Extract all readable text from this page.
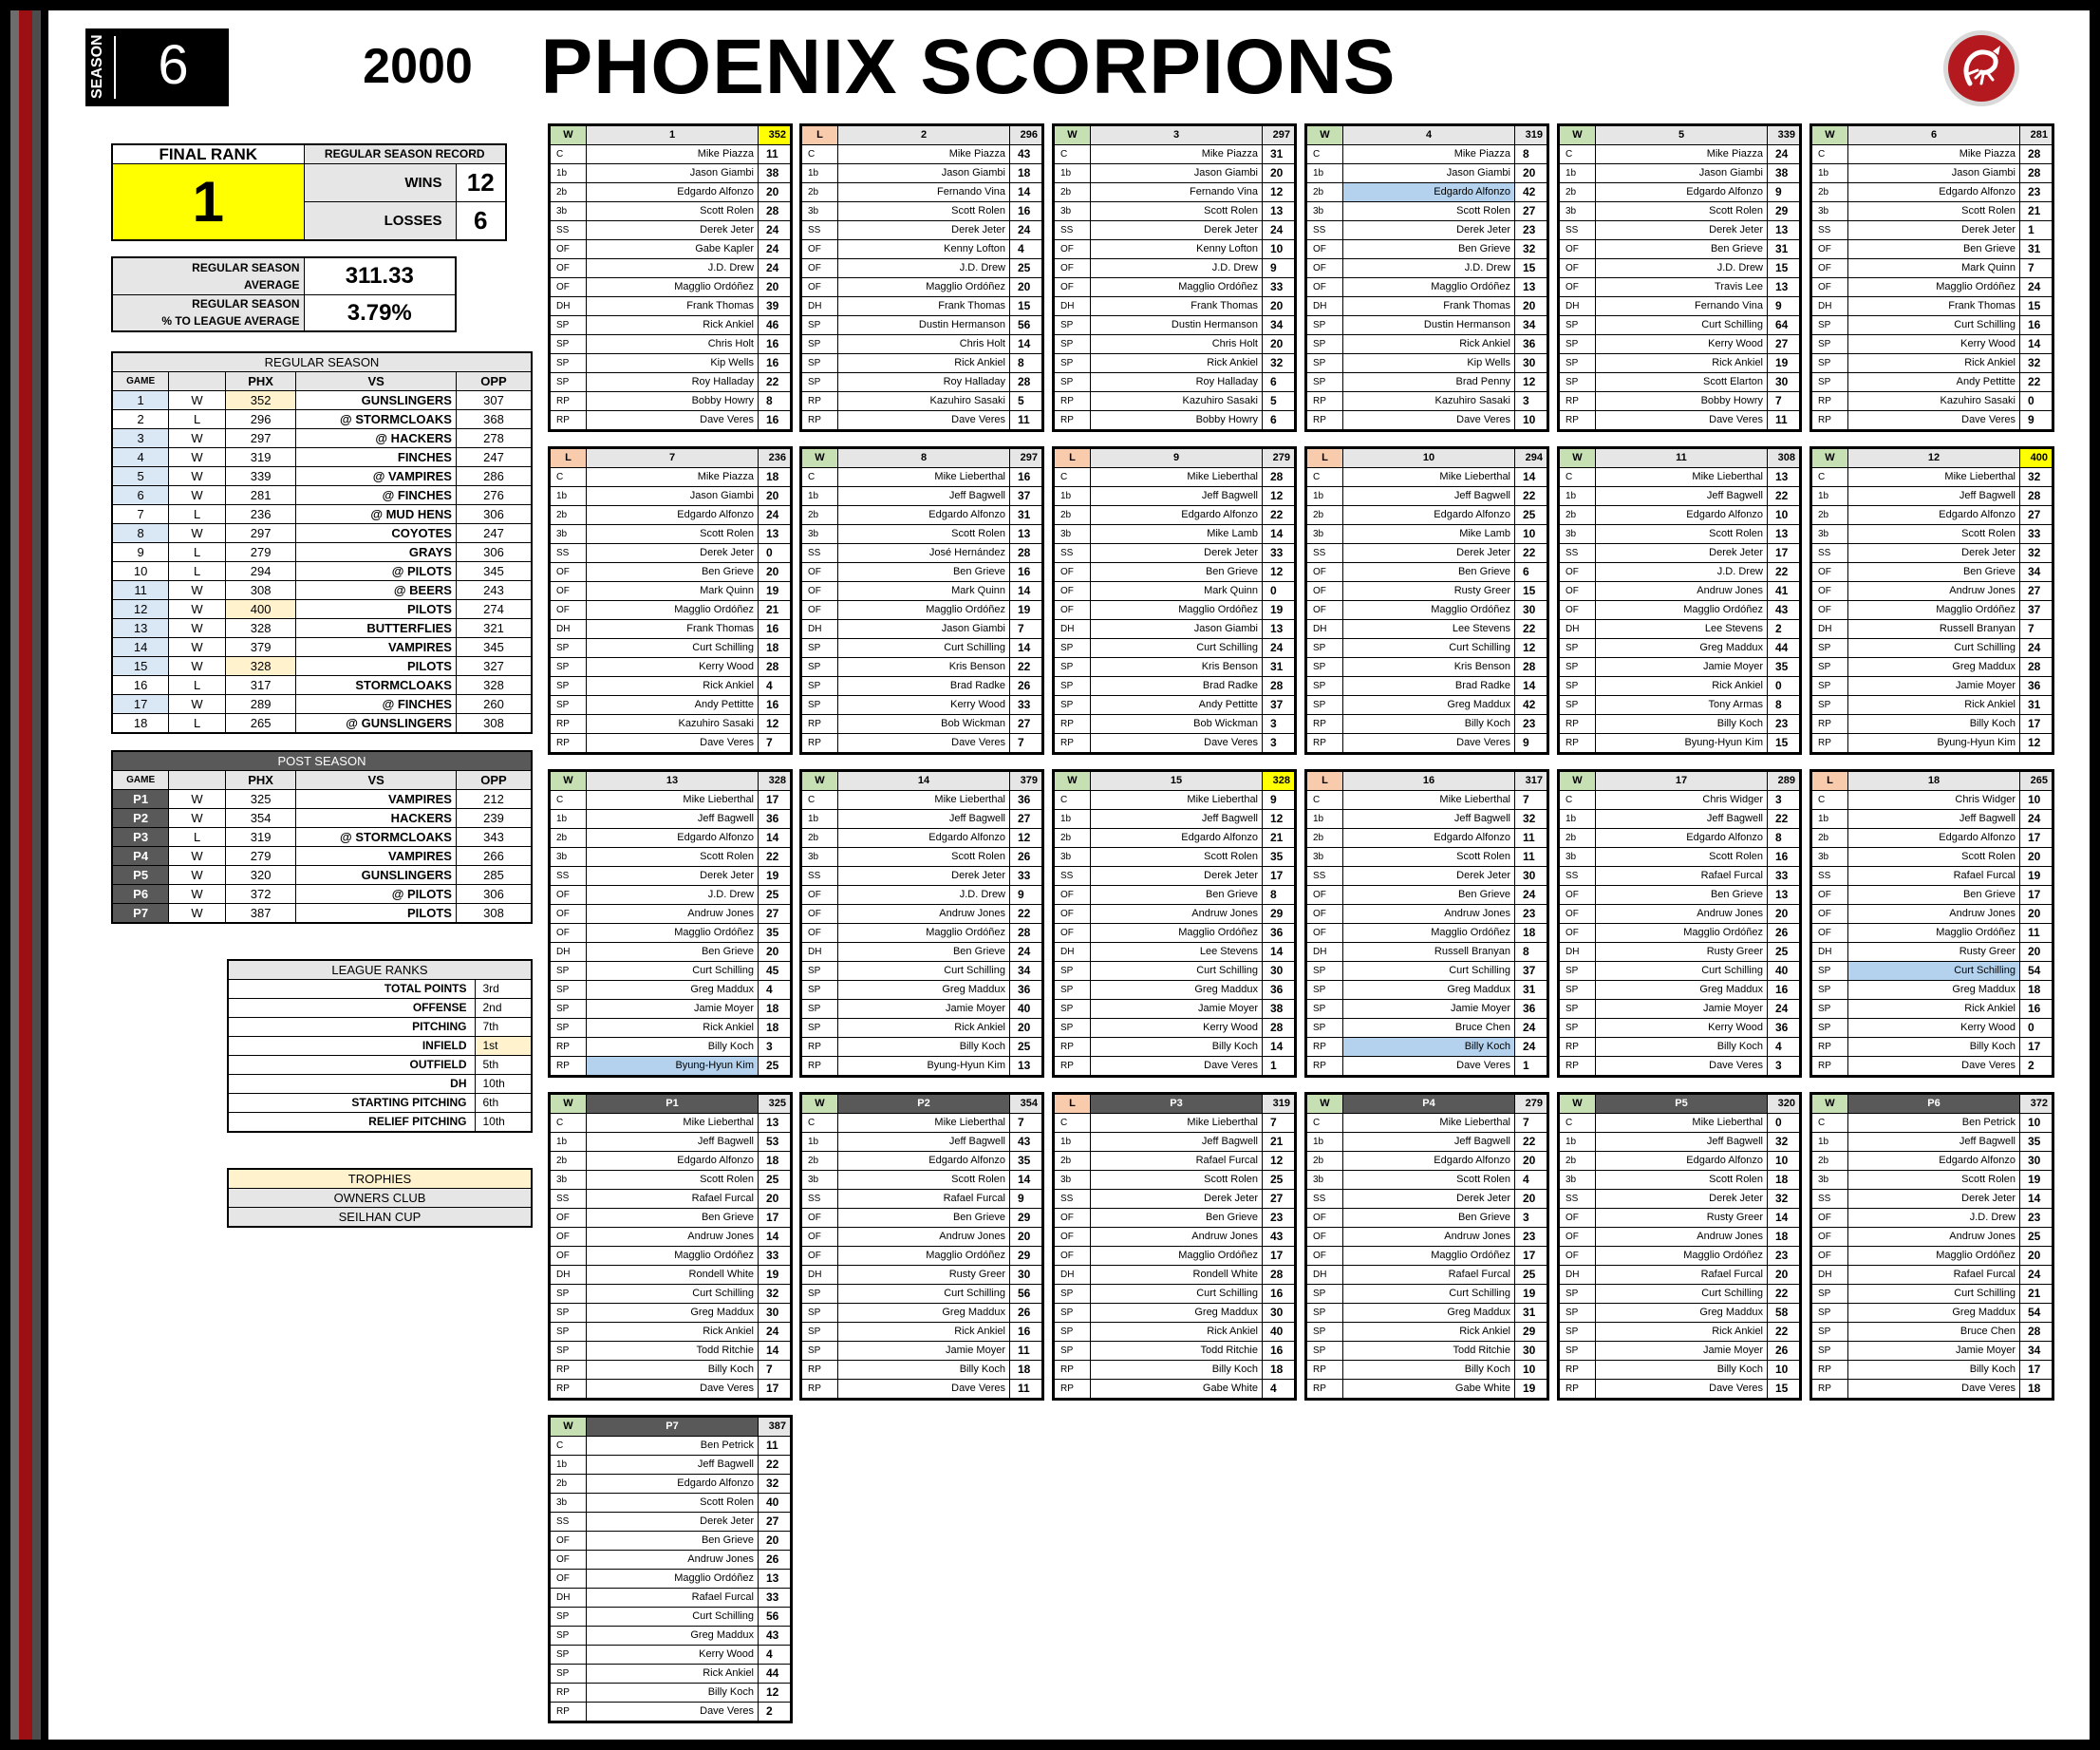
SEASON 6	2000 PHOENIX SCORPIONS
FINAL RANK	REGULAR SEASON RECORD	
1	WINS	12
	LOSSES	6
REGULAR SEASON
AVERAGE	311.33
REGULAR SEASON
% TO LEAGUE AVERAGE	3.79%
REGULAR SEASON				
GAME		PHX	VS	OPP
1	W	352	GUNSLINGERS	307
2	L	296	@ STORMCLOAKS	368
3	W	297	@ HACKERS	278
4	W	319	FINCHES	247
5	W	339	@ VAMPIRES	286
6	W	281	@ FINCHES	276
7	L	236	@ MUD HENS	306
8	W	297	COYOTES	247
9	L	279	GRAYS	306
10	L	294	@ PILOTS	345
11	W	308	@ BEERS	243
12	W	400	PILOTS	274
13	W	328	BUTTERFLIES	321
14	W	379	VAMPIRES	345
15	W	328	PILOTS	327
16	L	317	STORMCLOAKS	328
17	W	289	@ FINCHES	260
18	L	265	@ GUNSLINGERS	308
POST SEASON				
GAME		PHX	VS	OPP
P1	W	325	VAMPIRES	212
P2	W	354	HACKERS	239
P3	L	319	@ STORMCLOAKS	343
P4	W	279	VAMPIRES	266
P5	W	320	GUNSLINGERS	285
P6	W	372	@ PILOTS	306
P7	W	387	PILOTS	308
LEAGUE RANKS	
TOTAL POINTS	3rd
OFFENSE	2nd
PITCHING	7th
INFIELD	1st
OUTFIELD	5th
DH	10th
STARTING PITCHING	6th
RELIEF PITCHING	10th
TROPHIES
OWNERS CLUB
SEILHAN CUP
W	1	352
C	Mike Piazza	11
1b	Jason Giambi	38
2b	Edgardo Alfonzo	20
3b	Scott Rolen	28
SS	Derek Jeter	24
OF	Gabe Kapler	24
OF	J.D. Drew	24
OF	Magglio Ordóñez	20
DH	Frank Thomas	39
SP	Rick Ankiel	46
SP	Chris Holt	16
SP	Kip Wells	16
SP	Roy Halladay	22
RP	Bobby Howry	8
RP	Dave Veres	16
L	2	296
C	Mike Piazza	43
1b	Jason Giambi	18
2b	Fernando Vina	14
3b	Scott Rolen	16
SS	Derek Jeter	24
OF	Kenny Lofton	4
OF	J.D. Drew	25
OF	Magglio Ordóñez	20
DH	Frank Thomas	15
SP	Dustin Hermanson	56
SP	Chris Holt	14
SP	Rick Ankiel	8
SP	Roy Halladay	28
RP	Kazuhiro Sasaki	5
RP	Dave Veres	11
W	3	297
C	Mike Piazza	31
1b	Jason Giambi	20
2b	Fernando Vina	12
3b	Scott Rolen	13
SS	Derek Jeter	24
OF	Kenny Lofton	10
OF	J.D. Drew	9
OF	Magglio Ordóñez	33
DH	Frank Thomas	20
SP	Dustin Hermanson	34
SP	Chris Holt	20
SP	Rick Ankiel	32
SP	Roy Halladay	6
RP	Kazuhiro Sasaki	5
RP	Bobby Howry	6
W	4	319
C	Mike Piazza	8
1b	Jason Giambi	20
2b	Edgardo Alfonzo	42
3b	Scott Rolen	27
SS	Derek Jeter	23
OF	Ben Grieve	32
OF	J.D. Drew	15
OF	Magglio Ordóñez	13
DH	Frank Thomas	20
SP	Dustin Hermanson	34
SP	Rick Ankiel	36
SP	Kip Wells	30
SP	Brad Penny	12
RP	Kazuhiro Sasaki	3
RP	Dave Veres	10
W	5	339
C	Mike Piazza	24
1b	Jason Giambi	38
2b	Edgardo Alfonzo	9
3b	Scott Rolen	29
SS	Derek Jeter	13
OF	Ben Grieve	31
OF	J.D. Drew	15
OF	Travis Lee	13
DH	Fernando Vina	9
SP	Curt Schilling	64
SP	Kerry Wood	27
SP	Rick Ankiel	19
SP	Scott Elarton	30
RP	Bobby Howry	7
RP	Dave Veres	11
W	6	281
C	Mike Piazza	28
1b	Jason Giambi	28
2b	Edgardo Alfonzo	23
3b	Scott Rolen	21
SS	Derek Jeter	1
OF	Ben Grieve	31
OF	Mark Quinn	7
OF	Magglio Ordóñez	24
DH	Frank Thomas	15
SP	Curt Schilling	16
SP	Kerry Wood	14
SP	Rick Ankiel	32
SP	Andy Pettitte	22
RP	Kazuhiro Sasaki	0
RP	Dave Veres	9
L	7	236
C	Mike Piazza	18
1b	Jason Giambi	20
2b	Edgardo Alfonzo	24
3b	Scott Rolen	13
SS	Derek Jeter	0
OF	Ben Grieve	20
OF	Mark Quinn	19
OF	Magglio Ordóñez	21
DH	Frank Thomas	16
SP	Curt Schilling	18
SP	Kerry Wood	28
SP	Rick Ankiel	4
SP	Andy Pettitte	16
RP	Kazuhiro Sasaki	12
RP	Dave Veres	7
W	8	297
C	Mike Lieberthal	16
1b	Jeff Bagwell	37
2b	Edgardo Alfonzo	31
3b	Scott Rolen	13
SS	José Hernández	28
OF	Ben Grieve	16
OF	Mark Quinn	14
OF	Magglio Ordóñez	19
DH	Jason Giambi	7
SP	Curt Schilling	14
SP	Kris Benson	22
SP	Brad Radke	26
SP	Kerry Wood	33
RP	Bob Wickman	27
RP	Dave Veres	7
L	9	279
C	Mike Lieberthal	28
1b	Jeff Bagwell	12
2b	Edgardo Alfonzo	22
3b	Mike Lamb	14
SS	Derek Jeter	33
OF	Ben Grieve	12
OF	Mark Quinn	0
OF	Magglio Ordóñez	19
DH	Jason Giambi	13
SP	Curt Schilling	24
SP	Kris Benson	31
SP	Brad Radke	28
SP	Andy Pettitte	37
RP	Bob Wickman	3
RP	Dave Veres	3
L	10	294
C	Mike Lieberthal	14
1b	Jeff Bagwell	22
2b	Edgardo Alfonzo	25
3b	Mike Lamb	10
SS	Derek Jeter	22
OF	Ben Grieve	6
OF	Rusty Greer	15
OF	Magglio Ordóñez	30
DH	Lee Stevens	22
SP	Curt Schilling	12
SP	Kris Benson	28
SP	Brad Radke	14
SP	Greg Maddux	42
RP	Billy Koch	23
RP	Dave Veres	9
W	11	308
C	Mike Lieberthal	13
1b	Jeff Bagwell	22
2b	Edgardo Alfonzo	10
3b	Scott Rolen	13
SS	Derek Jeter	17
OF	J.D. Drew	22
OF	Andruw Jones	41
OF	Magglio Ordóñez	43
DH	Lee Stevens	2
SP	Greg Maddux	44
SP	Jamie Moyer	35
SP	Rick Ankiel	0
SP	Tony Armas	8
RP	Billy Koch	23
RP	Byung-Hyun Kim	15
W	12	400
C	Mike Lieberthal	32
1b	Jeff Bagwell	28
2b	Edgardo Alfonzo	27
3b	Scott Rolen	33
SS	Derek Jeter	32
OF	Ben Grieve	34
OF	Andruw Jones	27
OF	Magglio Ordóñez	37
DH	Russell Branyan	7
SP	Curt Schilling	24
SP	Greg Maddux	28
SP	Jamie Moyer	36
SP	Rick Ankiel	31
RP	Billy Koch	17
RP	Byung-Hyun Kim	12
W	13	328
C	Mike Lieberthal	17
1b	Jeff Bagwell	36
2b	Edgardo Alfonzo	14
3b	Scott Rolen	22
SS	Derek Jeter	19
OF	J.D. Drew	25
OF	Andruw Jones	27
OF	Magglio Ordóñez	35
DH	Ben Grieve	20
SP	Curt Schilling	45
SP	Greg Maddux	4
SP	Jamie Moyer	18
SP	Rick Ankiel	18
RP	Billy Koch	3
RP	Byung-Hyun Kim	25
W	14	379
C	Mike Lieberthal	36
1b	Jeff Bagwell	27
2b	Edgardo Alfonzo	12
3b	Scott Rolen	26
SS	Derek Jeter	33
OF	J.D. Drew	9
OF	Andruw Jones	22
OF	Magglio Ordóñez	28
DH	Ben Grieve	24
SP	Curt Schilling	34
SP	Greg Maddux	36
SP	Jamie Moyer	40
SP	Rick Ankiel	20
RP	Billy Koch	25
RP	Byung-Hyun Kim	13
W	15	328
C	Mike Lieberthal	9
1b	Jeff Bagwell	12
2b	Edgardo Alfonzo	21
3b	Scott Rolen	35
SS	Derek Jeter	17
OF	Ben Grieve	8
OF	Andruw Jones	29
OF	Magglio Ordóñez	36
DH	Lee Stevens	14
SP	Curt Schilling	30
SP	Greg Maddux	36
SP	Jamie Moyer	38
SP	Kerry Wood	28
RP	Billy Koch	14
RP	Dave Veres	1
L	16	317
C	Mike Lieberthal	7
1b	Jeff Bagwell	32
2b	Edgardo Alfonzo	11
3b	Scott Rolen	11
SS	Derek Jeter	30
OF	Ben Grieve	24
OF	Andruw Jones	23
OF	Magglio Ordóñez	18
DH	Russell Branyan	8
SP	Curt Schilling	37
SP	Greg Maddux	31
SP	Jamie Moyer	36
SP	Bruce Chen	24
RP	Billy Koch	24
RP	Dave Veres	1
W	17	289
C	Chris Widger	3
1b	Jeff Bagwell	22
2b	Edgardo Alfonzo	8
3b	Scott Rolen	16
SS	Rafael Furcal	33
OF	Ben Grieve	13
OF	Andruw Jones	20
OF	Magglio Ordóñez	26
DH	Rusty Greer	25
SP	Curt Schilling	40
SP	Greg Maddux	16
SP	Jamie Moyer	24
SP	Kerry Wood	36
RP	Billy Koch	4
RP	Dave Veres	3
L	18	265
C	Chris Widger	10
1b	Jeff Bagwell	24
2b	Edgardo Alfonzo	17
3b	Scott Rolen	20
SS	Rafael Furcal	19
OF	Ben Grieve	17
OF	Andruw Jones	20
OF	Magglio Ordóñez	11
DH	Rusty Greer	20
SP	Curt Schilling	54
SP	Greg Maddux	18
SP	Rick Ankiel	16
SP	Kerry Wood	0
RP	Billy Koch	17
RP	Dave Veres	2
W	P1	325
C	Mike Lieberthal	13
1b	Jeff Bagwell	53
2b	Edgardo Alfonzo	18
3b	Scott Rolen	25
SS	Rafael Furcal	20
OF	Ben Grieve	17
OF	Andruw Jones	14
OF	Magglio Ordóñez	33
DH	Rondell White	19
SP	Curt Schilling	32
SP	Greg Maddux	30
SP	Rick Ankiel	24
SP	Todd Ritchie	14
RP	Billy Koch	7
RP	Dave Veres	17
W	P2	354
C	Mike Lieberthal	7
1b	Jeff Bagwell	43
2b	Edgardo Alfonzo	35
3b	Scott Rolen	14
SS	Rafael Furcal	9
OF	Ben Grieve	29
OF	Andruw Jones	20
OF	Magglio Ordóñez	29
DH	Rusty Greer	30
SP	Curt Schilling	56
SP	Greg Maddux	26
SP	Rick Ankiel	16
SP	Jamie Moyer	11
RP	Billy Koch	18
RP	Dave Veres	11
L	P3	319
C	Mike Lieberthal	7
1b	Jeff Bagwell	21
2b	Rafael Furcal	12
3b	Scott Rolen	25
SS	Derek Jeter	27
OF	Ben Grieve	23
OF	Andruw Jones	43
OF	Magglio Ordóñez	17
DH	Rondell White	28
SP	Curt Schilling	16
SP	Greg Maddux	30
SP	Rick Ankiel	40
SP	Todd Ritchie	16
RP	Billy Koch	18
RP	Gabe White	4
W	P4	279
C	Mike Lieberthal	7
1b	Jeff Bagwell	22
2b	Edgardo Alfonzo	20
3b	Scott Rolen	4
SS	Derek Jeter	20
OF	Ben Grieve	3
OF	Andruw Jones	23
OF	Magglio Ordóñez	17
DH	Rafael Furcal	25
SP	Curt Schilling	19
SP	Greg Maddux	31
SP	Rick Ankiel	29
SP	Todd Ritchie	30
RP	Billy Koch	10
RP	Gabe White	19
W	P5	320
C	Mike Lieberthal	0
1b	Jeff Bagwell	32
2b	Edgardo Alfonzo	10
3b	Scott Rolen	18
SS	Derek Jeter	32
OF	Rusty Greer	14
OF	Andruw Jones	18
OF	Magglio Ordóñez	23
DH	Rafael Furcal	20
SP	Curt Schilling	22
SP	Greg Maddux	58
SP	Rick Ankiel	22
SP	Jamie Moyer	26
RP	Billy Koch	10
RP	Dave Veres	15
W	P6	372
C	Ben Petrick	10
1b	Jeff Bagwell	35
2b	Edgardo Alfonzo	30
3b	Scott Rolen	19
SS	Derek Jeter	14
OF	J.D. Drew	23
OF	Andruw Jones	25
OF	Magglio Ordóñez	20
DH	Rafael Furcal	24
SP	Curt Schilling	21
SP	Greg Maddux	54
SP	Bruce Chen	28
SP	Jamie Moyer	34
RP	Billy Koch	17
RP	Dave Veres	18
W	P7	387
C	Ben Petrick	11
1b	Jeff Bagwell	22
2b	Edgardo Alfonzo	32
3b	Scott Rolen	40
SS	Derek Jeter	27
OF	Ben Grieve	20
OF	Andruw Jones	26
OF	Magglio Ordóñez	13
DH	Rafael Furcal	33
SP	Curt Schilling	56
SP	Greg Maddux	43
SP	Kerry Wood	4
SP	Rick Ankiel	44
RP	Billy Koch	12
RP	Dave Veres	2
